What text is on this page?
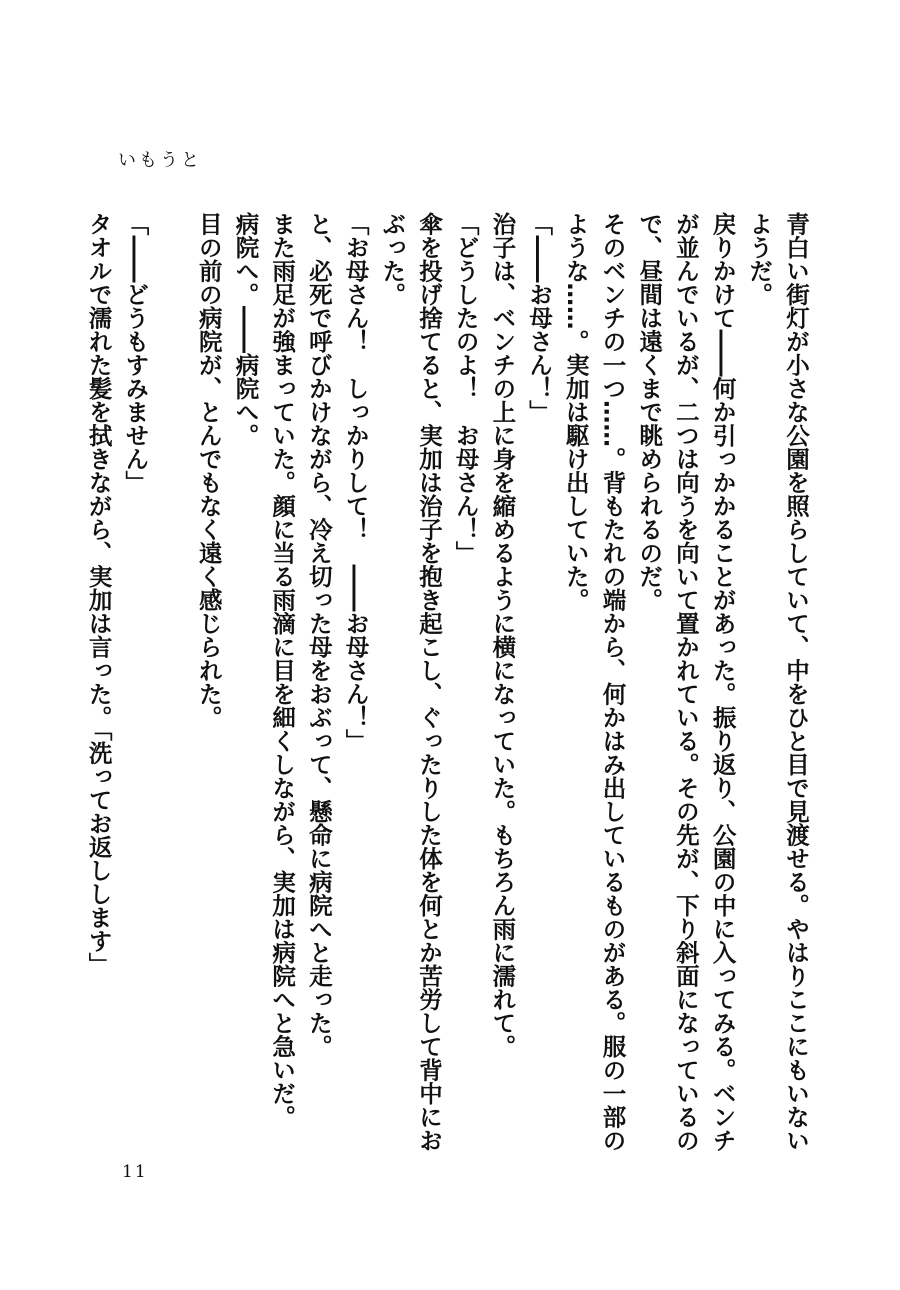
いもうと

青白い街灯が小さな公園を照らしていて、中をひと目で見渡せる。やはりここにもいないようだ。

戻りかけて――何か引っかかることがあった。振り返り、公園の中に入ってみる。ベンチが並んでいるが、二つは向うを向いて置かれている。その先が、下り斜面になっているので、昼間は遠くまで眺められるのだ。

そのベンチの一つ……。背もたれの端から、何かはみ出しているものがある。服の一部のような……。実加は駆け出していた。

「――お母さん！」

治子は、ベンチの上に身を縮めるように横になっていた。もちろん雨に濡れて。

「どうしたのよ！　お母さん！」

傘を投げ捨てると、実加は治子を抱き起こし、ぐったりした体を何とか苦労して背中におぶった。

「お母さん！　しっかりして！　――お母さん！」

と、必死で呼びかけながら、冷え切った母をおぶって、懸命に病院へと走った。

また雨足が強まっていた。顔に当る雨滴に目を細くしながら、実加は病院へと急いだ。

病院へ。――病院へ。

目の前の病院が、とんでもなく遠く感じられた。

「――どうもすみません」

タオルで濡れた髪を拭きながら、実加は言った。「洗ってお返しします」

11
